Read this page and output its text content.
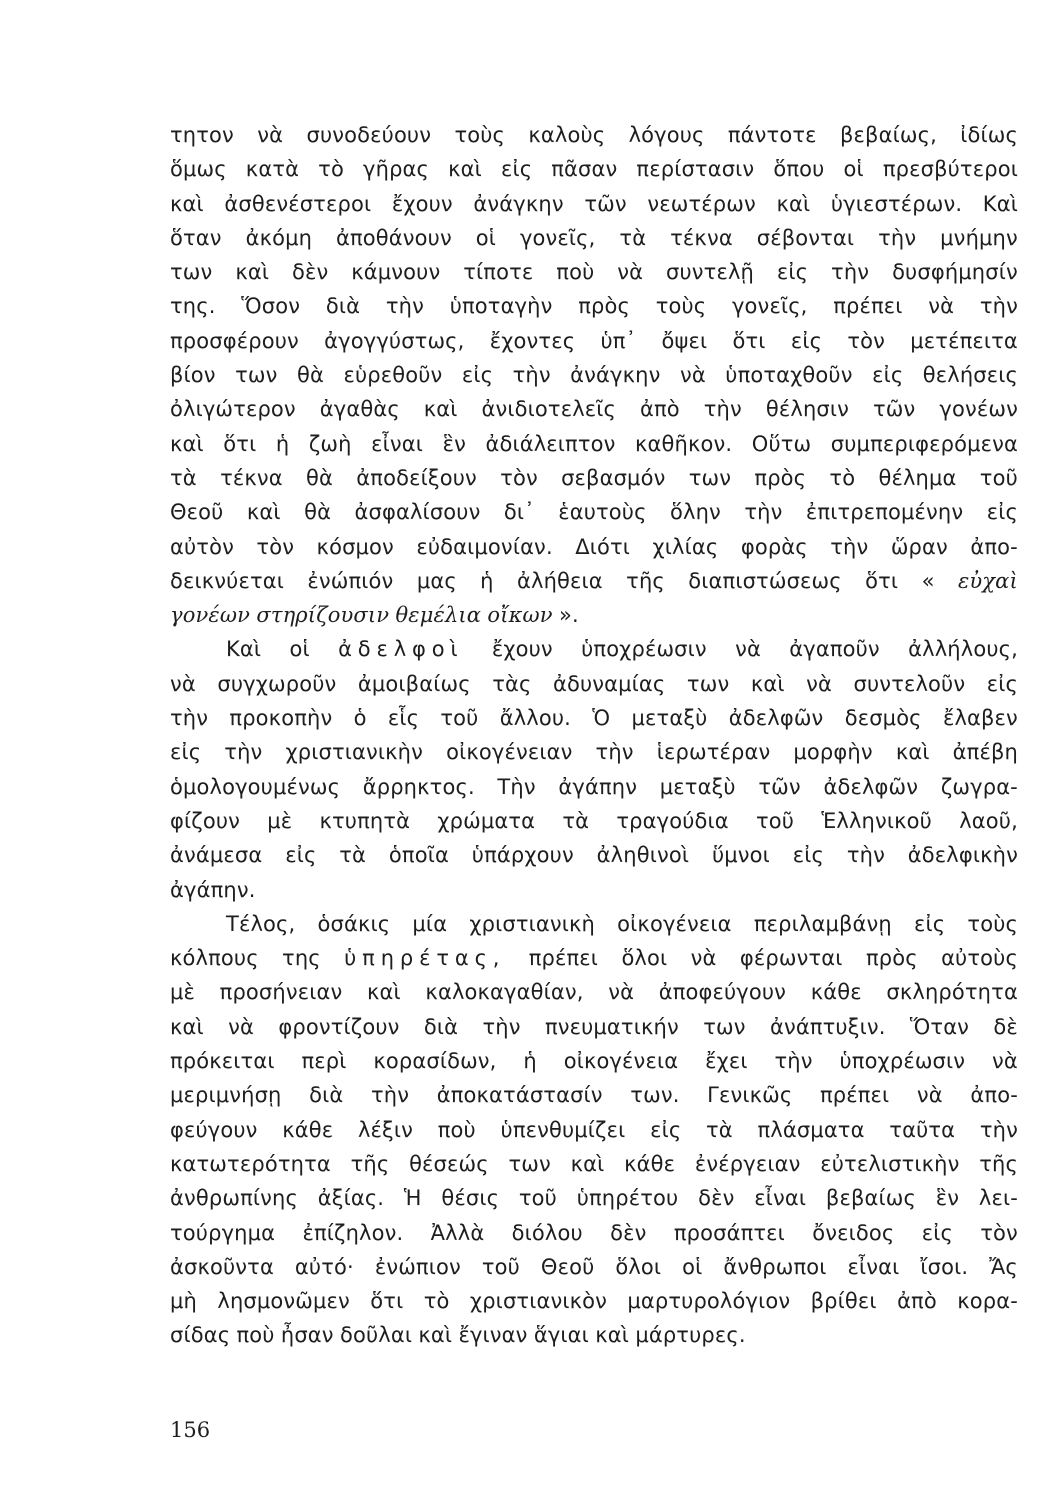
τητον νὰ συνοδεύουν τοὺς καλοὺς λόγους πάντοτε βεβαίως, ἰδίως
ὅμως κατὰ τὸ γῆρας καὶ εἰς πᾶσαν περίστασιν ὅπου οἱ πρεσβύτεροι
καὶ ἀσθενέστεροι ἔχουν ἀνάγκην τῶν νεωτέρων καὶ ὑγιεστέρων. Καὶ
ὅταν ἀκόμη ἀποθάνουν οἱ γονεῖς, τὰ τέκνα σέβονται τὴν μνήμην
των καὶ δὲν κάμνουν τίποτε ποὺ νὰ συντελῇ εἰς τὴν δυσφήμησίν
της. Ὅσον διὰ τὴν ὑποταγὴν πρὸς τοὺς γονεῖς, πρέπει νὰ τὴν
προσφέρουν ἀγογγύστως, ἔχοντες ὑπ᾿ ὄψει ὅτι εἰς τὸν μετέπειτα
βίον των θὰ εὑρεθοῦν εἰς τὴν ἀνάγκην νὰ ὑποταχθοῦν εἰς θελήσεις
ὀλιγώτερον ἀγαθὰς καὶ ἀνιδιοτελεῖς ἀπὸ τὴν θέλησιν τῶν γονέων
καὶ ὅτι ἡ ζωὴ εἶναι ἓν ἀδιάλειπτον καθῆκον. Οὕτω συμπεριφερόμενα
τὰ τέκνα θὰ ἀποδείξουν τὸν σεβασμόν των πρὸς τὸ θέλημα τοῦ
Θεοῦ καὶ θὰ ἀσφαλίσουν δι᾿ ἑαυτοὺς ὅλην τὴν ἐπιτρεπομένην εἰς
αὐτὸν τὸν κόσμον εὐδαιμονίαν. Διότι χιλίας φορὰς τὴν ὥραν ἀπο-
δεικνύεται ἐνώπιόν μας ἡ ἀλήθεια τῆς διαπιστώσεως ὅτι « εὐχαὶ
γονέων στηρίζουσιν θεμέλια οἴκων ».
Καὶ οἱ ἀδελφοὶ ἔχουν ὑποχρέωσιν νὰ ἀγαποῦν ἀλλήλους,
νὰ συγχωροῦν ἀμοιβαίως τὰς ἀδυναμίας των καὶ νὰ συντελοῦν εἰς
τὴν προκοπὴν ὁ εἷς τοῦ ἄλλου. Ὁ μεταξὺ ἀδελφῶν δεσμὸς ἔλαβεν
εἰς τὴν χριστιανικὴν οἰκογένειαν τὴν ἱερωτέραν μορφὴν καὶ ἀπέβη
ὁμολογουμένως ἄρρηκτος. Τὴν ἀγάπην μεταξὺ τῶν ἀδελφῶν ζωγρα-
φίζουν μὲ κτυπητὰ χρώματα τὰ τραγούδια τοῦ Ἑλληνικοῦ λαοῦ,
ἀνάμεσα εἰς τὰ ὁποῖα ὑπάρχουν ἀληθινοὶ ὕμνοι εἰς τὴν ἀδελφικὴν
ἀγάπην.
Τέλος, ὁσάκις μία χριστιανικὴ οἰκογένεια περιλαμβάνῃ εἰς τοὺς
κόλπους της ὑπηρέτας, πρέπει ὅλοι νὰ φέρωνται πρὸς αὐτοὺς
μὲ προσήνειαν καὶ καλοκαγαθίαν, νὰ ἀποφεύγουν κάθε σκληρότητα
καὶ νὰ φροντίζουν διὰ τὴν πνευματικήν των ἀνάπτυξιν. Ὅταν δὲ
πρόκειται περὶ κορασίδων, ἡ οἰκογένεια ἔχει τὴν ὑποχρέωσιν νὰ
μεριμνήσῃ διὰ τὴν ἀποκατάστασίν των. Γενικῶς πρέπει νὰ ἀπο-
φεύγουν κάθε λέξιν ποὺ ὑπενθυμίζει εἰς τὰ πλάσματα ταῦτα τὴν
κατωτερότητα τῆς θέσεώς των καὶ κάθε ἐνέργειαν εὐτελιστικὴν τῆς
ἀνθρωπίνης ἀξίας. Ἡ θέσις τοῦ ὑπηρέτου δὲν εἶναι βεβαίως ἓν λει-
τούργημα ἐπίζηλον. Ἀλλὰ διόλου δὲν προσάπτει ὄνειδος εἰς τὸν
ἀσκοῦντα αὐτό· ἐνώπιον τοῦ Θεοῦ ὅλοι οἱ ἄνθρωποι εἶναι ἴσοι. Ἄς
μὴ λησμονῶμεν ὅτι τὸ χριστιανικὸν μαρτυρολόγιον βρίθει ἀπὸ κορα-
σίδας ποὺ ἦσαν δοῦλαι καὶ ἔγιναν ἅγιαι καὶ μάρτυρες.
156
